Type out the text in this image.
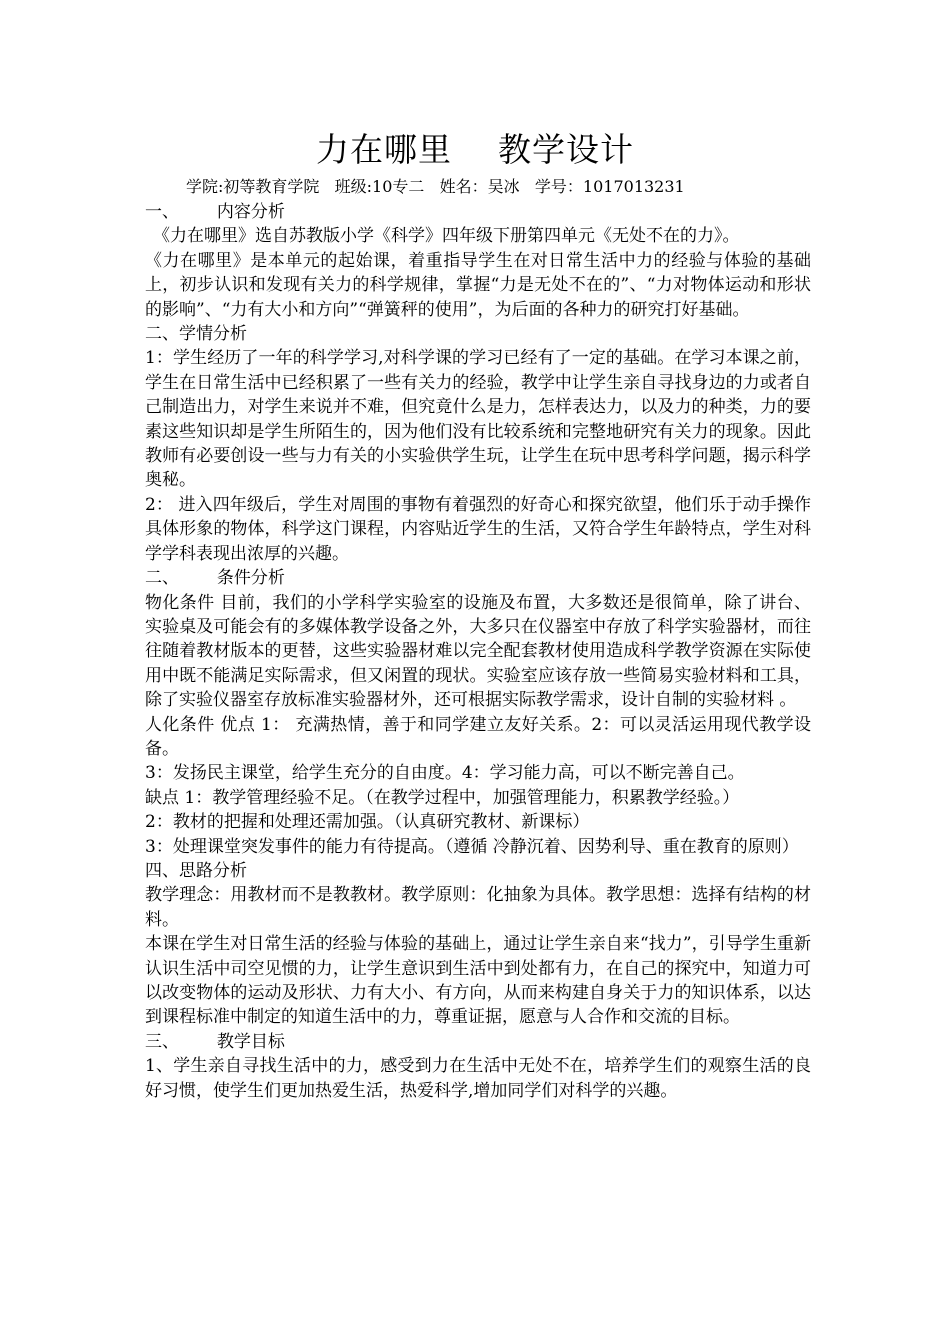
力在哪里 教学设计
学院:初等教育学院   班级:10专二   姓名：吴冰   学号：1017013231

一、       内容分析

《力在哪里》选自苏教版小学《科学》四年级下册第四单元《无处不在的力》。

《力在哪里》是本单元的起始课，着重指导学生在对日常生活中力的经验与体验的基础上，初步认识和发现有关力的科学规律，掌握“力是无处不在的”、“力对物体运动和形状的影响”、“力有大小和方向”“弹簧秤的使用”，为后面的各种力的研究打好基础。

二、学情分析

1：学生经历了一年的科学学习,对科学课的学习已经有了一定的基础。在学习本课之前，学生在日常生活中已经积累了一些有关力的经验，教学中让学生亲自寻找身边的力或者自己制造出力，对学生来说并不难，但究竟什么是力，怎样表达力，以及力的种类，力的要素这些知识却是学生所陌生的，因为他们没有比较系统和完整地研究有关力的现象。因此教师有必要创设一些与力有关的小实验供学生玩，让学生在玩中思考科学问题，揭示科学奥秘。

2： 进入四年级后，学生对周围的事物有着强烈的好奇心和探究欲望，他们乐于动手操作具体形象的物体，科学这门课程，内容贴近学生的生活，又符合学生年龄特点，学生对科学学科表现出浓厚的兴趣。

二、       条件分析

物化条件 目前，我们的小学科学实验室的设施及布置，大多数还是很简单，除了讲台、实验桌及可能会有的多媒体教学设备之外，大多只在仪器室中存放了科学实验器材，而往往随着教材版本的更替，这些实验器材难以完全配套教材使用造成科学教学资源在实际使用中既不能满足实际需求，但又闲置的现状。实验室应该存放一些简易实验材料和工具，除了实验仪器室存放标准实验器材外，还可根据实际教学需求，设计自制的实验材料 。

人化条件 优点 1： 充满热情，善于和同学建立友好关系。2：可以灵活运用现代教学设备。

3：发扬民主课堂，给学生充分的自由度。4：学习能力高，可以不断完善自己。

缺点 1：教学管理经验不足。（在教学过程中，加强管理能力，积累教学经验。）

2：教材的把握和处理还需加强。（认真研究教材、新课标）

3：处理课堂突发事件的能力有待提高。（遵循 冷静沉着、因势利导、重在教育的原则）

四、思路分析

教学理念：用教材而不是教教材。教学原则：化抽象为具体。教学思想：选择有结构的材料。

本课在学生对日常生活的经验与体验的基础上，通过让学生亲自来“找力”，引导学生重新认识生活中司空见惯的力，让学生意识到生活中到处都有力，在自己的探究中，知道力可以改变物体的运动及形状、力有大小、有方向，从而来构建自身关于力的知识体系，以达到课程标准中制定的知道生活中的力，尊重证据，愿意与人合作和交流的目标。

三、       教学目标

1、学生亲自寻找生活中的力，感受到力在生活中无处不在，培养学生们的观察生活的良好习惯，使学生们更加热爱生活，热爱科学,增加同学们对科学的兴趣。
